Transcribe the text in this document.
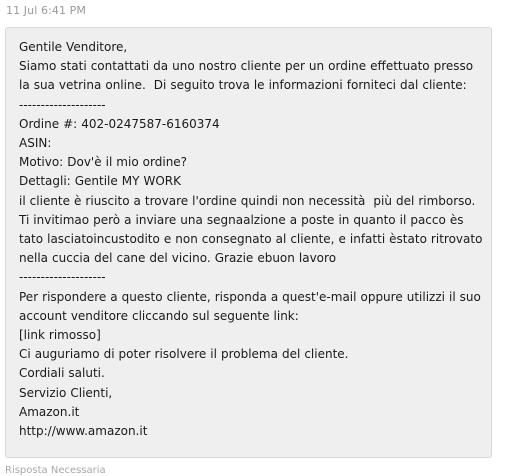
11 Jul 6:41 PM
Gentile Venditore,
Siamo stati contattati da uno nostro cliente per un ordine effettuato presso la sua vetrina online.  Di seguito trova le informazioni forniteci dal cliente:
--------------------
Ordine #: 402-0247587-6160374
ASIN:
Motivo: Dov'è il mio ordine?
Dettagli: Gentile MY WORK
il cliente è riuscito a trovare l'ordine quindi non necessità  più del rimborso.  Ti invitimao però a inviare una segnaalzione a poste in quanto il pacco ès tato lasciatoincustodito e non consegnato al cliente, e infatti èstato ritrovato nella cuccia del cane del vicino. Grazie ebuon lavoro
--------------------
Per rispondere a questo cliente, risponda a quest'e-mail oppure utilizzi il suo account venditore cliccando sul seguente link:
[link rimosso]
Ci auguriamo di poter risolvere il problema del cliente.
Cordiali saluti.
Servizio Clienti,
Amazon.it
http://www.amazon.it
Risposta Necessaria
